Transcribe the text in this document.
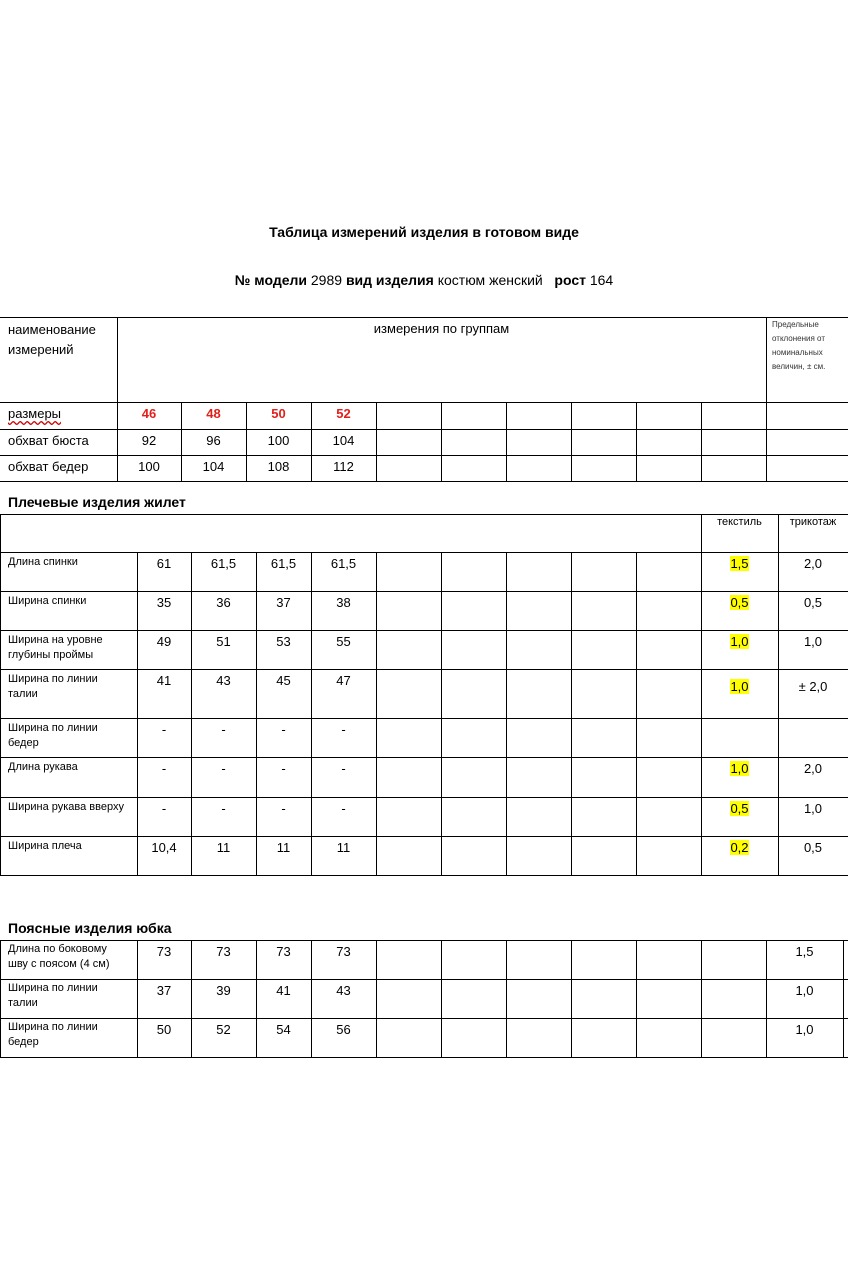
Таблица измерений изделия в готовом виде
№ модели 2989 вид изделия костюм женский рост 164
наименование
измерений
измерения по группам	Предельные
отклонения от
номинальных
величин, ± см.
размеры	46	48	50	52
обхват бюста	92	96	100	104
обхват бедер	100	104	108	112
Плечевые изделия жилет
текстиль	трикотаж
Длина спинки	61	61,5	61,5	61,5	1,5	2,0
Ширина спинки	35	36	37	38	0,5	0,5
Ширина на уровне
глубины проймы
49	51	53	55	1,0	1,0
Ширина по линии
талии
41	43	45	47	1,0	± 2,0
Ширина по линии
бедер
-	-	-	-
Длина рукава	-	-	-	-	1,0	2,0
Ширина рукава вверху	-	-	-	-	0,5	1,0
Ширина плеча	10,4	11	11	11	0,2	0,5
Поясные изделия юбка
Длина по боковому
шву с поясом (4 см)
73	73	73	73	1,5
Ширина по линии
талии
37	39	41	43	1,0
Ширина по линии
бедер
50	52	54	56	1,0
